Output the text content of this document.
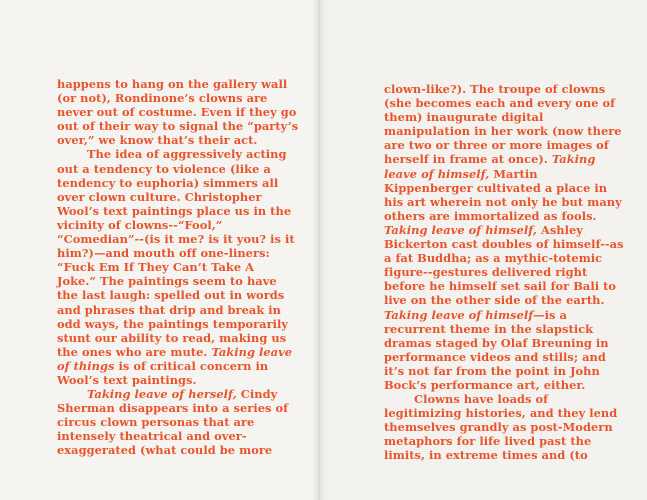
happens to hang on the gallery wall
(or not), Rondinone’s clowns are
never out of costume. Even if they go
out of their way to signal the “party’s
over,” we know that’s their act.
The idea of aggressively acting
out a tendency to violence (like a
tendency to euphoria) simmers all
over clown culture. Christopher
Wool’s text paintings place us in the
vicinity of clowns--“Fool,”
“Comedian”--(is it me? is it you? is it
him?)—and mouth off one-liners:
“Fuck Em If They Can’t Take A
Joke.” The paintings seem to have
the last laugh: spelled out in words
and phrases that drip and break in
odd ways, the paintings temporarily
stunt our ability to read, making us
the ones who are mute. Taking leave
of things is of critical concern in
Wool’s text paintings.
Taking leave of herself, Cindy
Sherman disappears into a series of
circus clown personas that are
intensely theatrical and over-
exaggerated (what could be more
clown-like?). The troupe of clowns
(she becomes each and every one of
them) inaugurate digital
manipulation in her work (now there
are two or three or more images of
herself in frame at once). Taking
leave of himself, Martin
Kippenberger cultivated a place in
his art wherein not only he but many
others are immortalized as fools.
Taking leave of himself, Ashley
Bickerton cast doubles of himself--as
a fat Buddha; as a mythic-totemic
figure--gestures delivered right
before he himself set sail for Bali to
live on the other side of the earth.
Taking leave of himself—is a
recurrent theme in the slapstick
dramas staged by Olaf Breuning in
performance videos and stills; and
it’s not far from the point in John
Bock’s performance art, either.
Clowns have loads of
legitimizing histories, and they lend
themselves grandly as post-Modern
metaphors for life lived past the
limits, in extreme times and (to
